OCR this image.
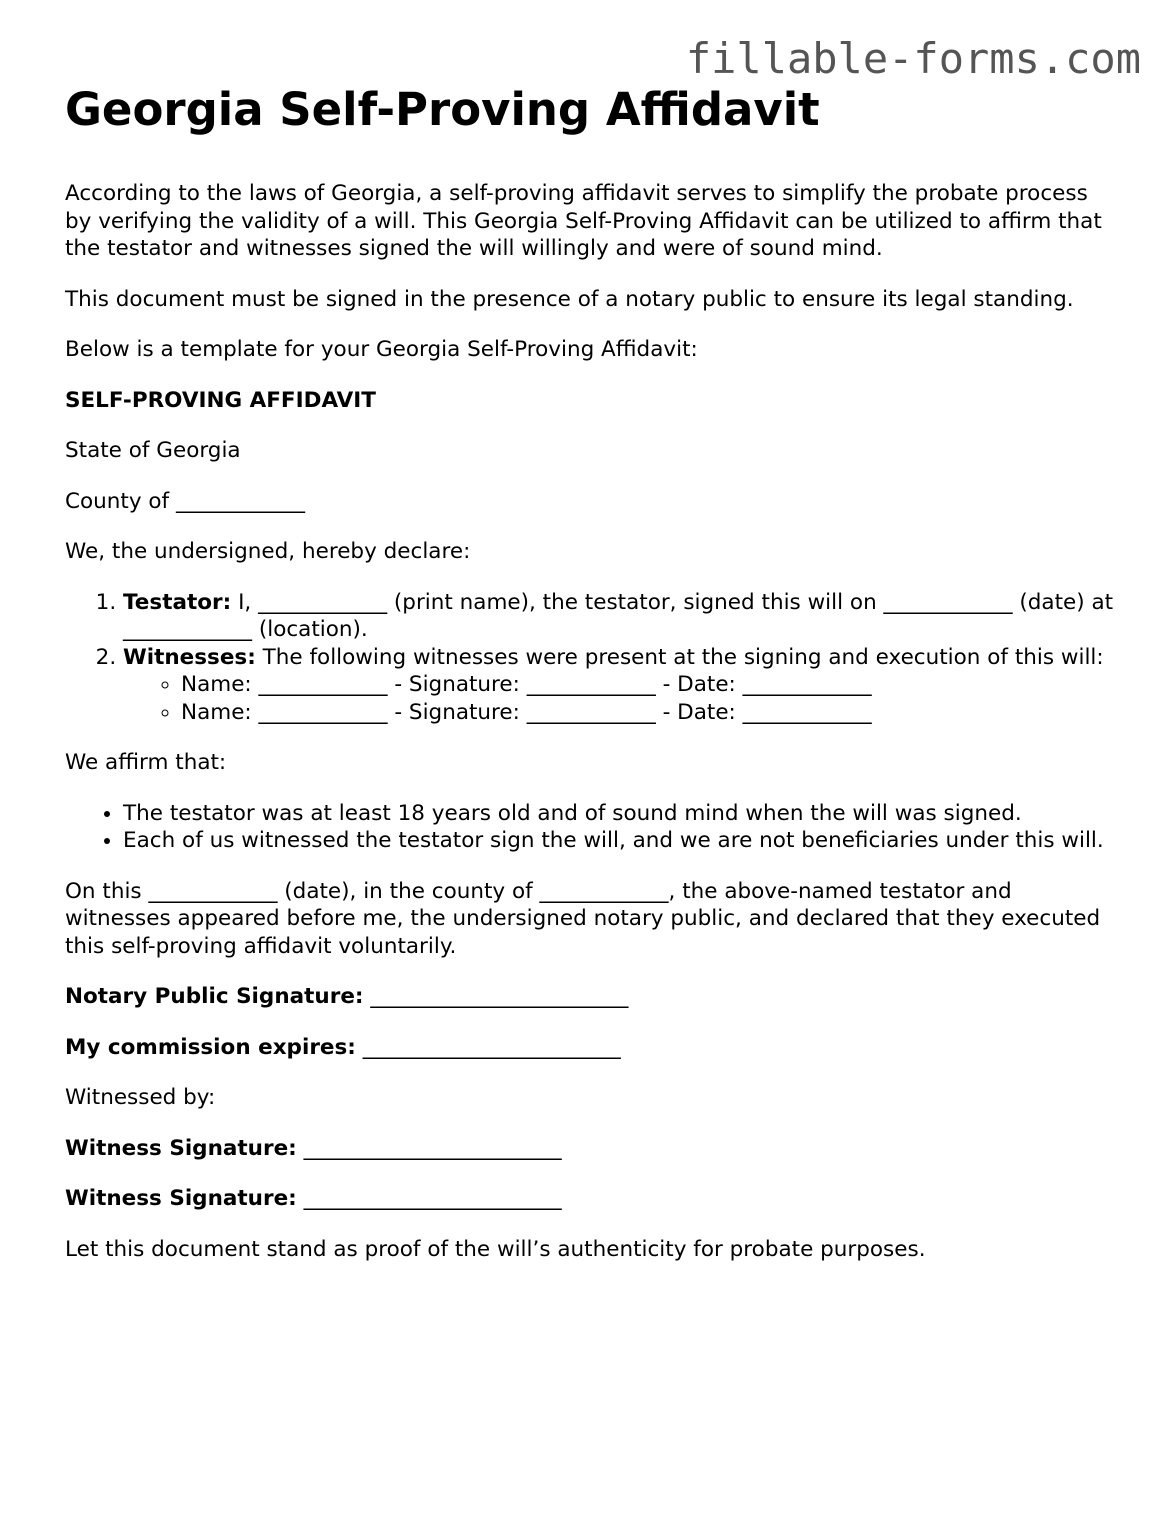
fillable-forms.com
Georgia Self-Proving Affidavit

According to the laws of Georgia, a self-proving affidavit serves to simplify the probate process by verifying the validity of a will. This Georgia Self-Proving Affidavit can be utilized to affirm that the testator and witnesses signed the will willingly and were of sound mind.

This document must be signed in the presence of a notary public to ensure its legal standing.

Below is a template for your Georgia Self-Proving Affidavit:

SELF-PROVING AFFIDAVIT

State of Georgia

County of ____________

We, the undersigned, hereby declare:

1. Testator: I, ____________ (print name), the testator, signed this will on ____________ (date) at ____________ (location).
2. Witnesses: The following witnesses were present at the signing and execution of this will:
◦ Name: ____________ - Signature: ____________ - Date: ____________
◦ Name: ____________ - Signature: ____________ - Date: ____________

We affirm that:

• The testator was at least 18 years old and of sound mind when the will was signed.
• Each of us witnessed the testator sign the will, and we are not beneficiaries under this will.

On this ____________ (date), in the county of ____________, the above-named testator and witnesses appeared before me, the undersigned notary public, and declared that they executed this self-proving affidavit voluntarily.

Notary Public Signature: ________________________

My commission expires: ________________________

Witnessed by:

Witness Signature: ________________________

Witness Signature: ________________________

Let this document stand as proof of the will’s authenticity for probate purposes.
